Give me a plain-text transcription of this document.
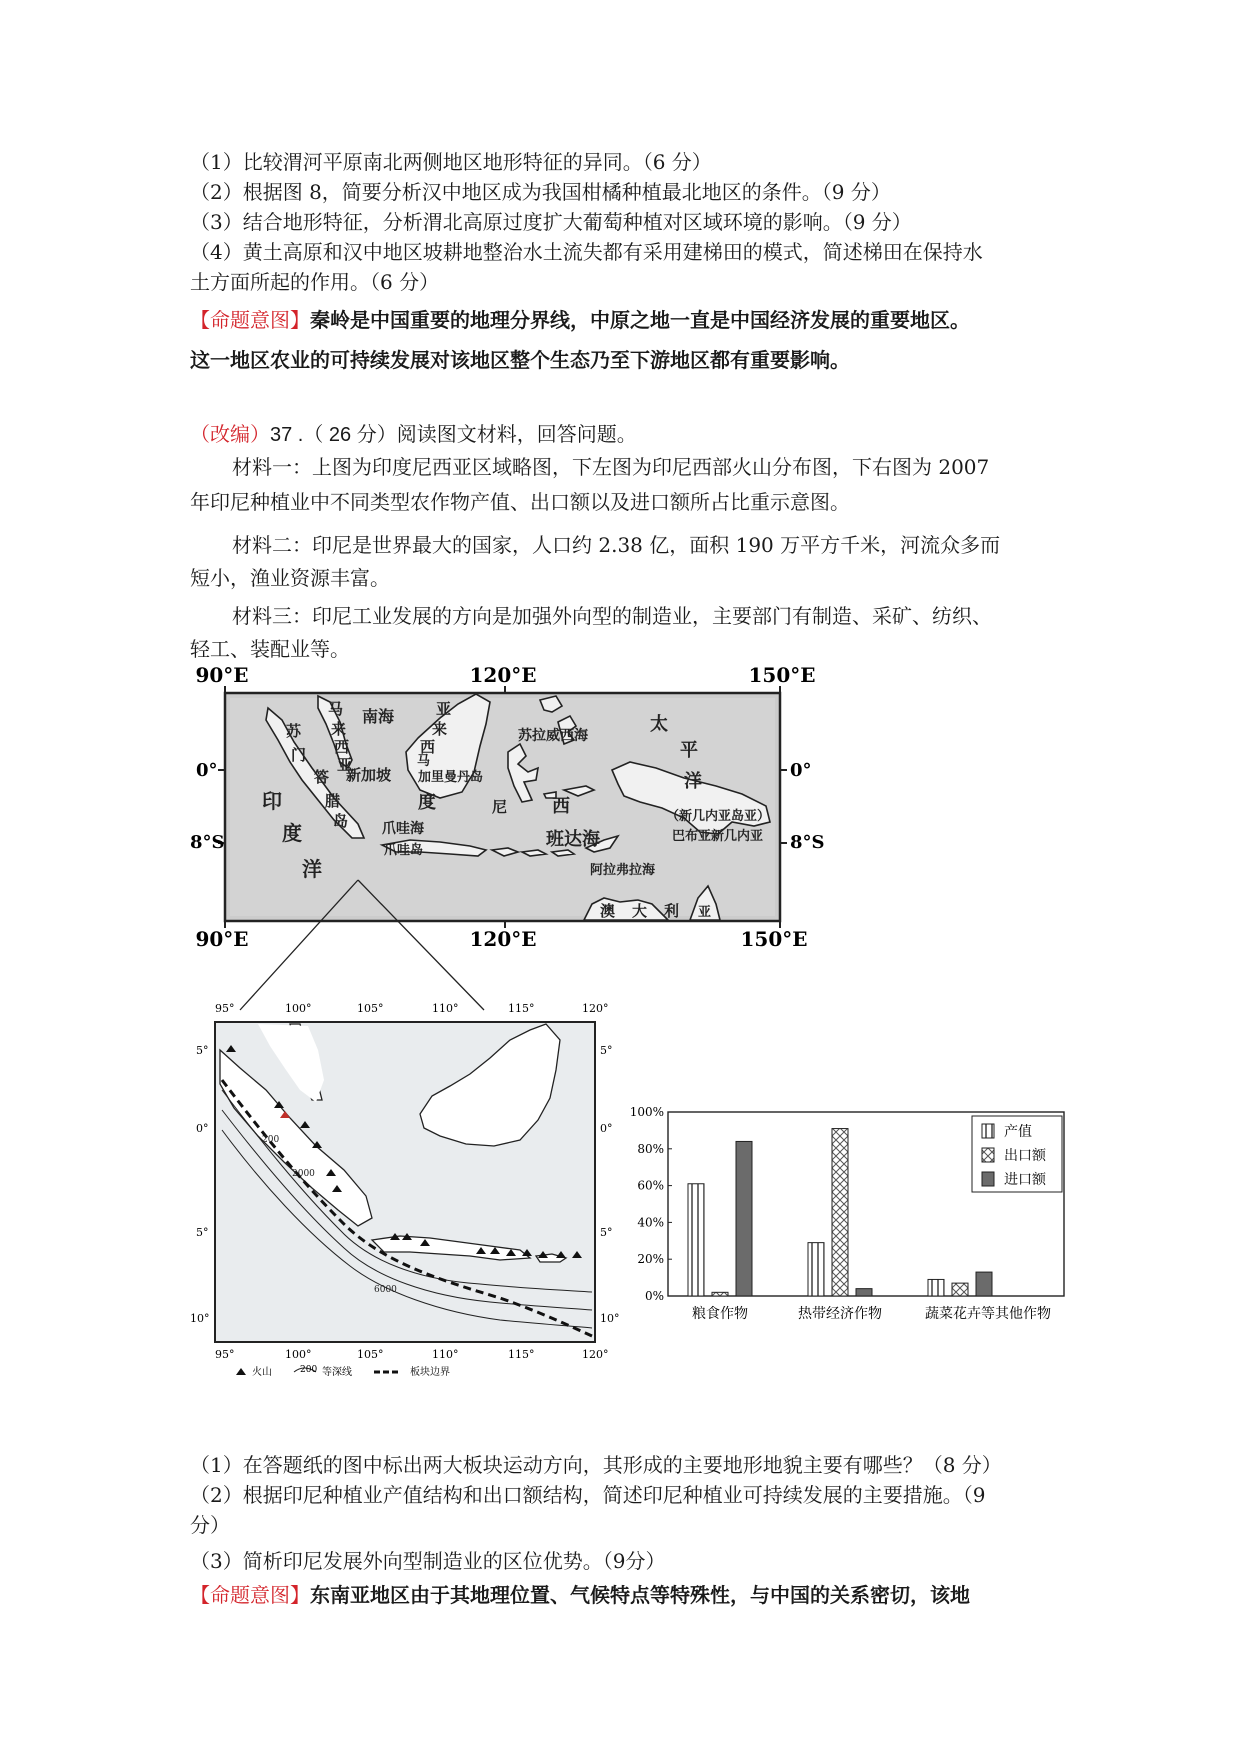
（1）比较渭河平原南北两侧地区地形特征的异同。（6 分）
（2）根据图 8，简要分析汉中地区成为我国柑橘种植最北地区的条件。（9 分）
（3）结合地形特征，分析渭北高原过度扩大葡萄种植对区域环境的影响。（9 分）
（4）黄土高原和汉中地区坡耕地整治水土流失都有采用建梯田的模式，简述梯田在保持水
土方面所起的作用。（6 分）
【命题意图】秦岭是中国重要的地理分界线，中原之地一直是中国经济发展的重要地区。
这一地区农业的可持续发展对该地区整个生态乃至下游地区都有重要影响。
（改编）37 .（ 26 分）阅读图文材料，回答问题。
材料一：上图为印度尼西亚区域略图，下左图为印尼西部火山分布图，下右图为 2007
年印尼种植业中不同类型农作物产值、出口额以及进口额所占比重示意图。
材料二：印尼是世界最大的国家，人口约 2.38 亿，面积 190 万平方千米，河流众多而
短小，渔业资源丰富。
材料三：印尼工业发展的方向是加强外向型的制造业，主要部门有制造、采矿、纺织、
轻工、装配业等。
90°E	120°E	150°E
马
来
西
亚
南海	亚
来
西
马
加里曼丹岛
苏拉威西海
太
平
洋
苏
门
答
腊
岛
新加坡
印
度
洋
度	尼 西
爪哇海
爪哇岛
班达海
（新几内亚岛亚）
巴布亚新几内亚
阿拉弗拉海
澳 大 利 亚
0°
8°S
0°
8°S
90°E	120°E	150°E
95°	100°	105°	110°	115°	120°
200
2000
6000
5°
0°
5°
10°
5°
0°
5°
10°
95°	100°	105°	110°	115°	120°
火山	200 等深线	板块边界
0%
20%
40%
60%
80%
100%
粮食作物	热带经济作物	蔬菜花卉等其他作物
产值
出口额
进口额
（1）在答题纸的图中标出两大板块运动方向，其形成的主要地形地貌主要有哪些？（8 分）
（2）根据印尼种植业产值结构和出口额结构，简述印尼种植业可持续发展的主要措施。（9
分）
（3）简析印尼发展外向型制造业的区位优势。（9分）
【命题意图】东南亚地区由于其地理位置、气候特点等特殊性，与中国的关系密切，该地
